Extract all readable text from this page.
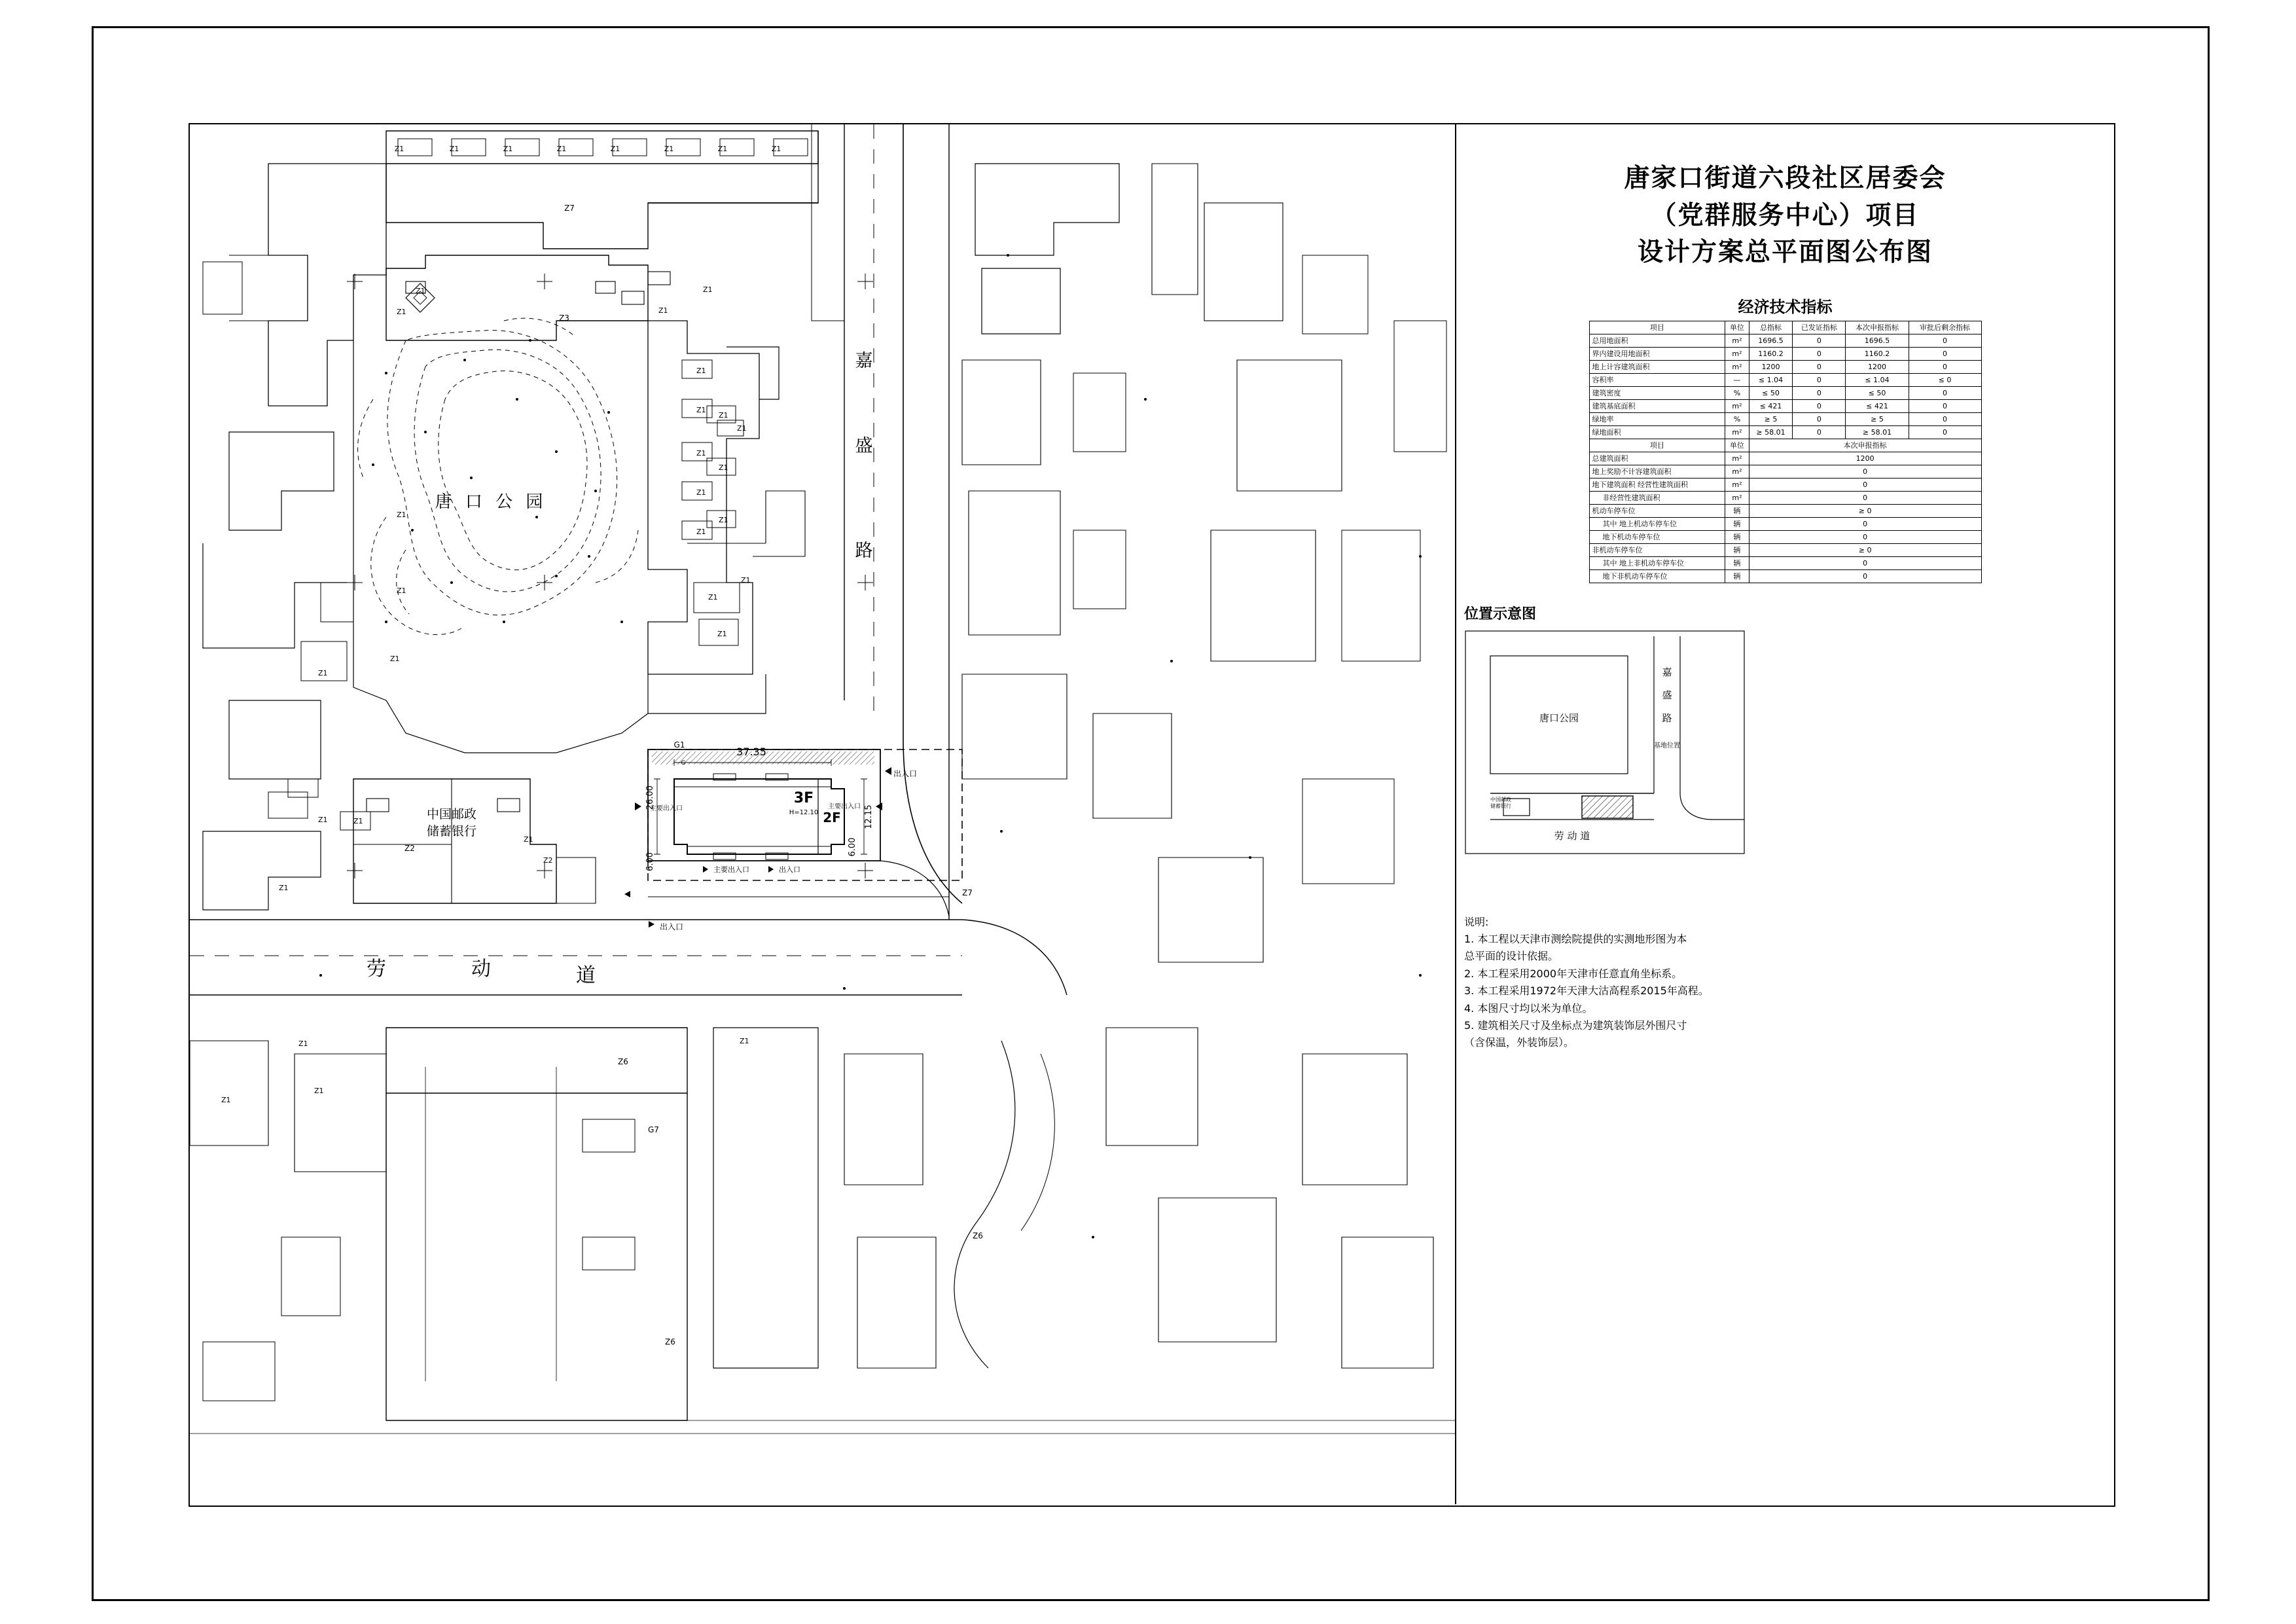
Z1	Z1	Z1	Z1	Z1	Z1	Z1	Z1
Z7
Z1
Z3
Z1
Z1
Z1
Z1
Z1
Z1
Z1
Z1
Z1
Z1
Z1
Z1
Z1
Z1
Z1
Z1
Z1
Z1
Z1
Z1
Z1	Z1
Z1
Z2
Z2
G1
G
Z6
G7
Z1
Z1
Z1
Z1
Z7
Z6
Z6
唐 口 公 园
中国邮政
储蓄银行
嘉
盛
路
劳	动	道
37.35
26.00
6.00
12.15
6.00
3F
H=12.10 2F
主要出入口
主要出入口
主要出入口	出入口
出入口
出入口
唐家口街道六段社区居委会
（党群服务中心）项目
设计方案总平面图公布图
经济技术指标
项目	单位	总指标	已发证指标	本次申报指标	审批后剩余指标
总用地面积	m²	1696.5	0	1696.5	0
界内建设用地面积	m²	1160.2	0	1160.2	0
地上计容建筑面积	m²	1200	0	1200	0
容积率	—	≤ 1.04	0	≤ 1.04	≤ 0
建筑密度	%	≤ 50	0	≤ 50	0
建筑基底面积	m²	≤ 421	0	≤ 421	0
绿地率	%	≥ 5	0	≥ 5	0
绿地面积	m²	≥ 58.01	0	≥ 58.01	0
项目	单位	本次申报指标			
总建筑面积	m²	1200			
地上奖励不计容建筑面积	m²	0			
地下建筑面积 经营性建筑面积	m²	0			
非经营性建筑面积	m²	0			
机动车停车位	辆	≥ 0			
其中 地上机动车停车位	辆	0			
地下机动车停车位	辆	0			
非机动车停车位	辆	≥ 0			
其中 地上非机动车停车位	辆	0			
地下非机动车停车位	辆	0			
位置示意图
唐口公园
嘉
盛
路
基地位置
中国邮政
储蓄银行
劳 动 道
说明:
1. 本工程以天津市测绘院提供的实测地形图为本
总平面的设计依据。
2. 本工程采用2000年天津市任意直角坐标系。
3. 本工程采用1972年天津大沽高程系2015年高程。
4. 本图尺寸均以米为单位。
5. 建筑相关尺寸及坐标点为建筑装饰层外围尺寸
（含保温，外装饰层）。
